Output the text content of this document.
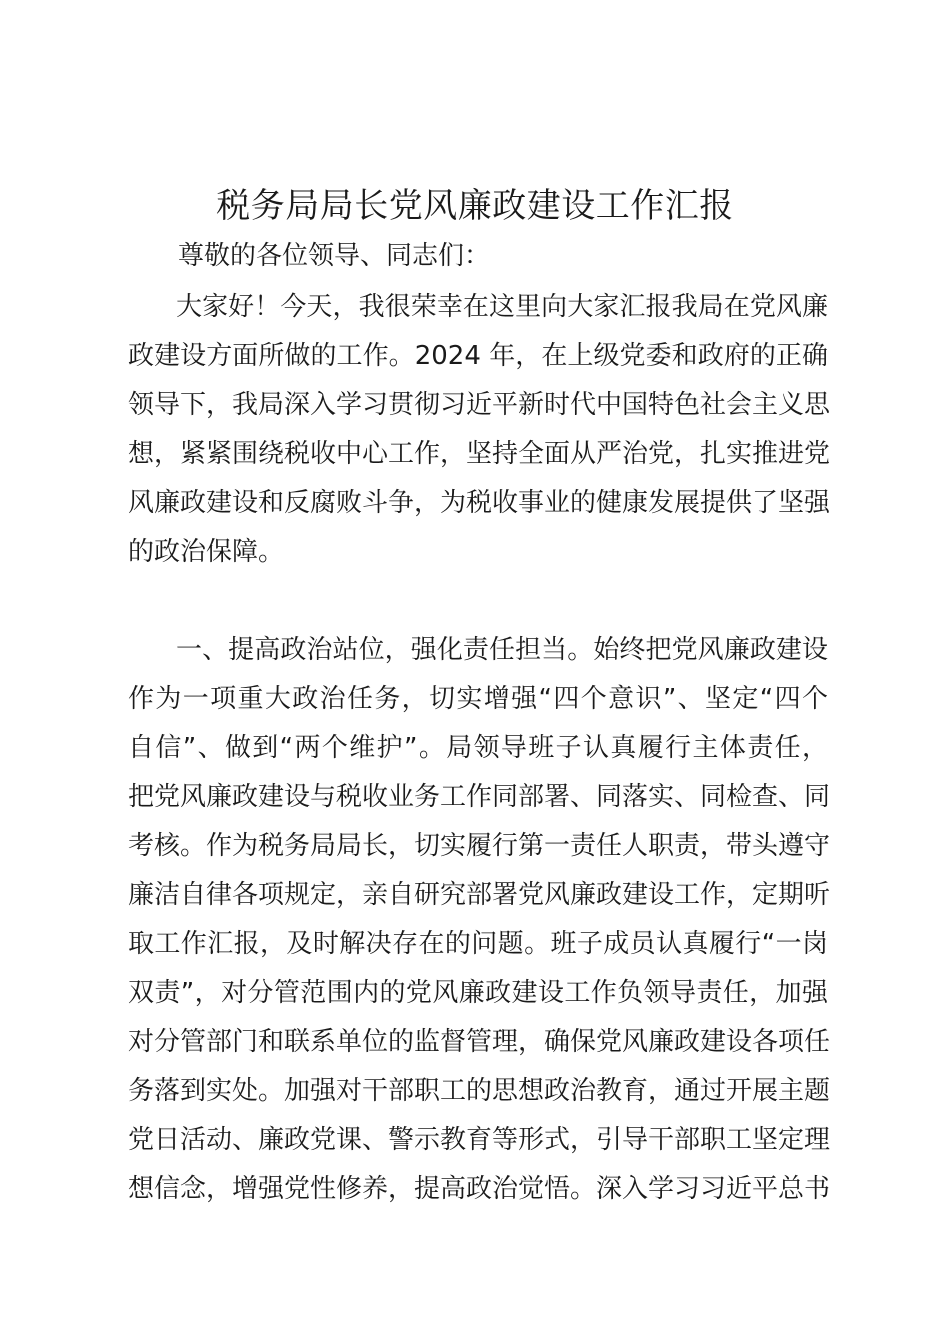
税务局局长党风廉政建设工作汇报

尊敬的各位领导、同志们：

大家好！今天，我很荣幸在这里向大家汇报我局在党风廉
政建设方面所做的工作。2024 年，在上级党委和政府的正确
领导下，我局深入学习贯彻习近平新时代中国特色社会主义思
想，紧紧围绕税收中心工作，坚持全面从严治党，扎实推进党
风廉政建设和反腐败斗争，为税收事业的健康发展提供了坚强
的政治保障。
一、提高政治站位，强化责任担当。始终把党风廉政建设
作为一项重大政治任务，切实增强“四个意识”、坚定“四个
自信”、做到“两个维护”。局领导班子认真履行主体责任，
把党风廉政建设与税收业务工作同部署、同落实、同检查、同
考核。作为税务局局长，切实履行第一责任人职责，带头遵守
廉洁自律各项规定，亲自研究部署党风廉政建设工作，定期听
取工作汇报，及时解决存在的问题。班子成员认真履行“一岗
双责”，对分管范围内的党风廉政建设工作负领导责任，加强
对分管部门和联系单位的监督管理，确保党风廉政建设各项任
务落到实处。加强对干部职工的思想政治教育，通过开展主题
党日活动、廉政党课、警示教育等形式，引导干部职工坚定理
想信念，增强党性修养，提高政治觉悟。深入学习习近平总书
